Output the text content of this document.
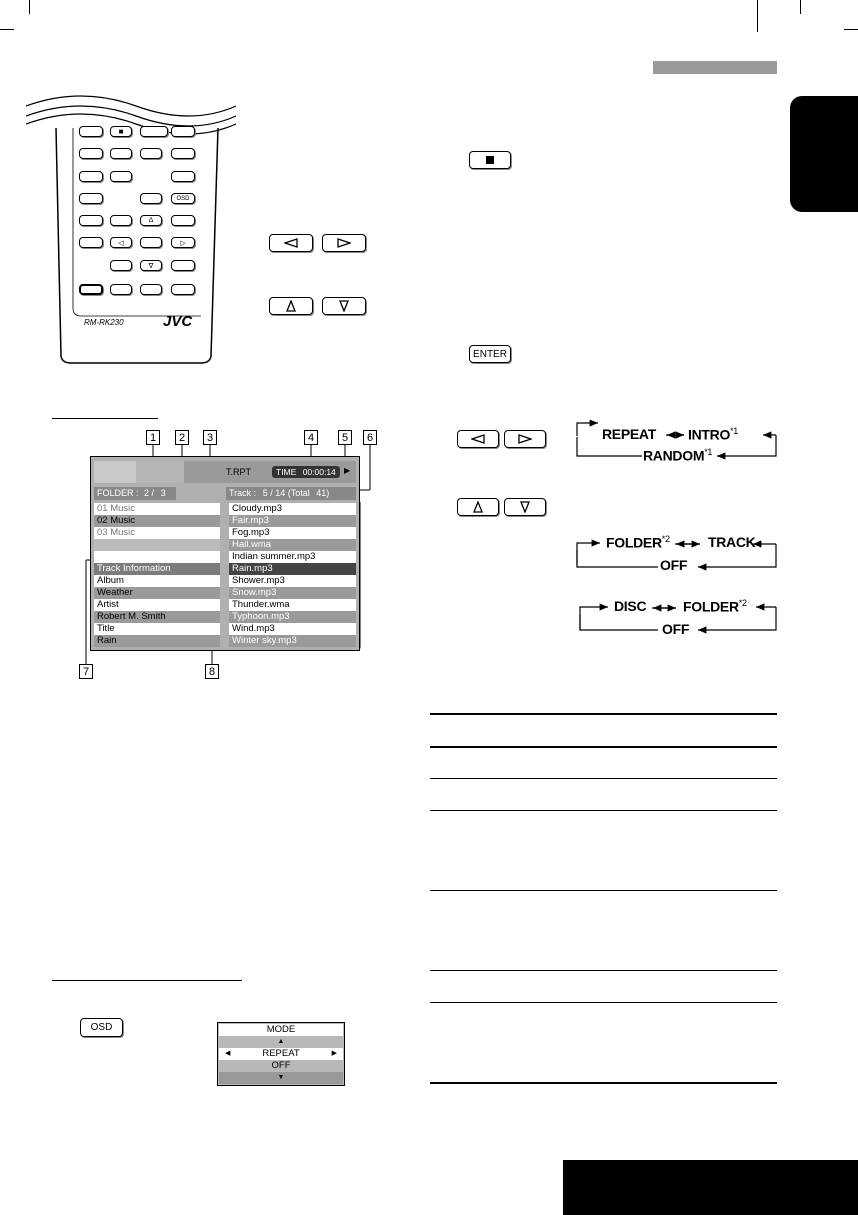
■
OSD
∆
◁	▷
∇
RM-RK230	JVC
ENTER
1	2	3	4	5	6
7	8
T.RPT	TIME 00:00:14	▶
FOLDER : 2 / 3	Track : 5 / 14 (Total 41)
01 Music
02 Music
03 Music
Track Information
Album
Weather
Artist
Robert M. Smith
Title
Rain
Cloudy.mp3
Fair.mp3
Fog.mp3
Hail.wma
Indian summer.mp3
Rain.mp3
Shower.mp3
Snow.mp3
Thunder.wma
Typhoon.mp3
Wind.mp3
Winter sky.mp3
REPEAT INTRO$^{*1}$
RANDOM$^{*1}$
FOLDER$^{*2}$	TRACK
OFF
DISC	FOLDER$^{*2}$
OFF
OSD	MODE
▲
◀	REPEAT	▶
OFF
▼
